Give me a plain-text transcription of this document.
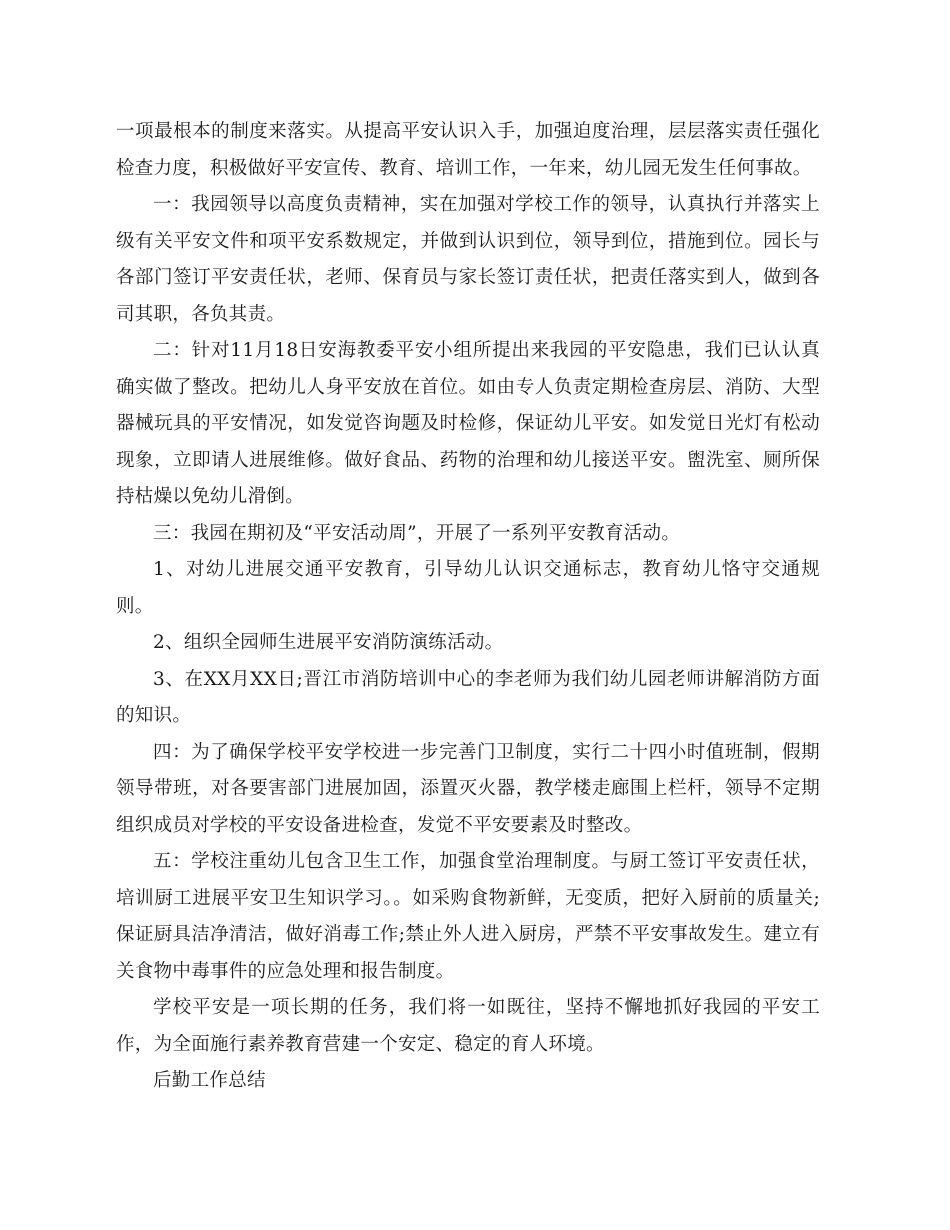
一项最根本的制度来落实。从提高平安认识入手，加强迫度治理，层层落实责任强化检查力度，积极做好平安宣传、教育、培训工作，一年来，幼儿园无发生任何事故。

一：我园领导以高度负责精神，实在加强对学校工作的领导，认真执行并落实上级有关平安文件和项平安系数规定，并做到认识到位，领导到位，措施到位。园长与各部门签订平安责任状，老师、保育员与家长签订责任状，把责任落实到人，做到各司其职，各负其责。

二：针对11月18日安海教委平安小组所提出来我园的平安隐患，我们已认认真确实做了整改。把幼儿人身平安放在首位。如由专人负责定期检查房层、消防、大型器械玩具的平安情况，如发觉咨询题及时检修，保证幼儿平安。如发觉日光灯有松动现象，立即请人进展维修。做好食品、药物的治理和幼儿接送平安。盥洗室、厕所保持枯燥以免幼儿滑倒。

三：我园在期初及“平安活动周”，开展了一系列平安教育活动。

1、对幼儿进展交通平安教育，引导幼儿认识交通标志，教育幼儿恪守交通规则。

2、组织全园师生进展平安消防演练活动。

3、在XX月XX日;晋江市消防培训中心的李老师为我们幼儿园老师讲解消防方面的知识。

四：为了确保学校平安学校进一步完善门卫制度，实行二十四小时值班制，假期领导带班，对各要害部门进展加固，添置灭火器，教学楼走廊围上栏杆，领导不定期组织成员对学校的平安设备进检查，发觉不平安要素及时整改。

五：学校注重幼儿包含卫生工作，加强食堂治理制度。与厨工签订平安责任状，培训厨工进展平安卫生知识学习。。如采购食物新鲜，无变质，把好入厨前的质量关;保证厨具洁净清洁，做好消毒工作;禁止外人进入厨房，严禁不平安事故发生。建立有关食物中毒事件的应急处理和报告制度。

学校平安是一项长期的任务，我们将一如既往，坚持不懈地抓好我园的平安工作，为全面施行素养教育营建一个安定、稳定的育人环境。

后勤工作总结
